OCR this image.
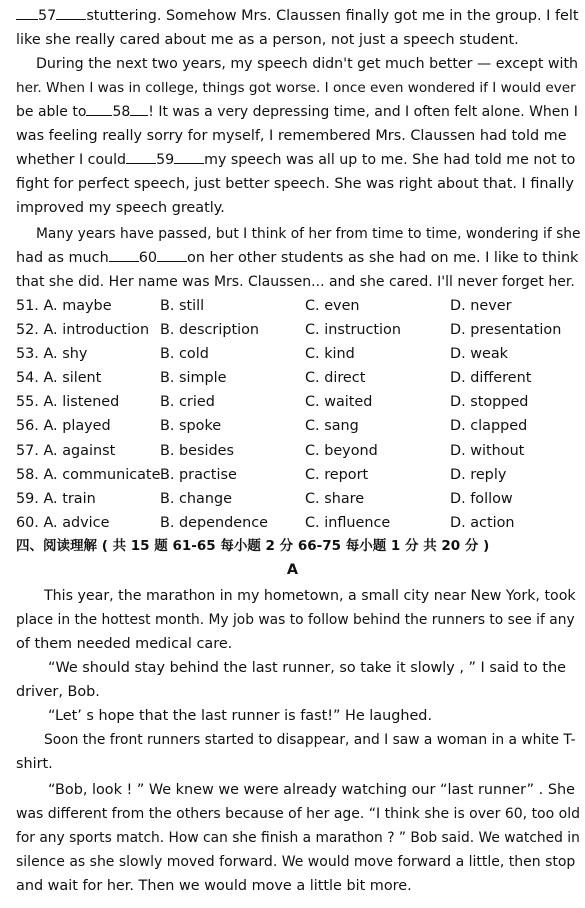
57 stuttering. Somehow Mrs. Claussen finally got me in the group. I felt
like she really cared about me as a person, not just a speech student.
During the next two years, my speech didn't get much better — except with
her. When I was in college, things got worse. I once even wondered if I would ever
be able to 58 ! It was a very depressing time, and I often felt alone. When I
was feeling really sorry for myself, I remembered Mrs. Claussen had told me
whether I could 59 my speech was all up to me. She had told me not to
fight for perfect speech, just better speech. She was right about that. I finally
improved my speech greatly.
Many years have passed, but I think of her from time to time, wondering if she
had as much 60 on her other students as she had on me. I like to think
that she did. Her name was Mrs. Claussen... and she cared. I'll never forget her.
51. A. maybe	B. still	C. even	D. never
52. A. introduction B. description	C. instruction	D. presentation
53. A. shy	B. cold	C. kind	D. weak
54. A. silent	B. simple	C. direct	D. different
55. A. listened	B. cried	C. waited	D. stopped
56. A. played	B. spoke	C. sang	D. clapped
57. A. against	B. besides	C. beyond	D. without
58. A. communicate B. practise	C. report	D. reply
59. A. train	B. change	C. share	D. follow
60. A. advice	B. dependence	C. influence	D. action
四、阅读理解 ( 共 15 题 61-65 每小题 2 分 66-75 每小题 1 分 共 20 分 )
A
This year, the marathon in my hometown, a small city near New York, took
place in the hottest month. My job was to follow behind the runners to see if any
of them needed medical care.
“We should stay behind the last runner, so take it slowly , ” I said to the
driver, Bob.
“Let’ s hope that the last runner is fast!” He laughed.
Soon the front runners started to disappear, and I saw a woman in a white T-
shirt.
“Bob, look ! ” We knew we were already watching our “last runner” . She
was different from the others because of her age. “I think she is over 60, too old
for any sports match. How can she finish a marathon ? ” Bob said. We watched in
silence as she slowly moved forward. We would move forward a little, then stop
and wait for her. Then we would move a little bit more.
